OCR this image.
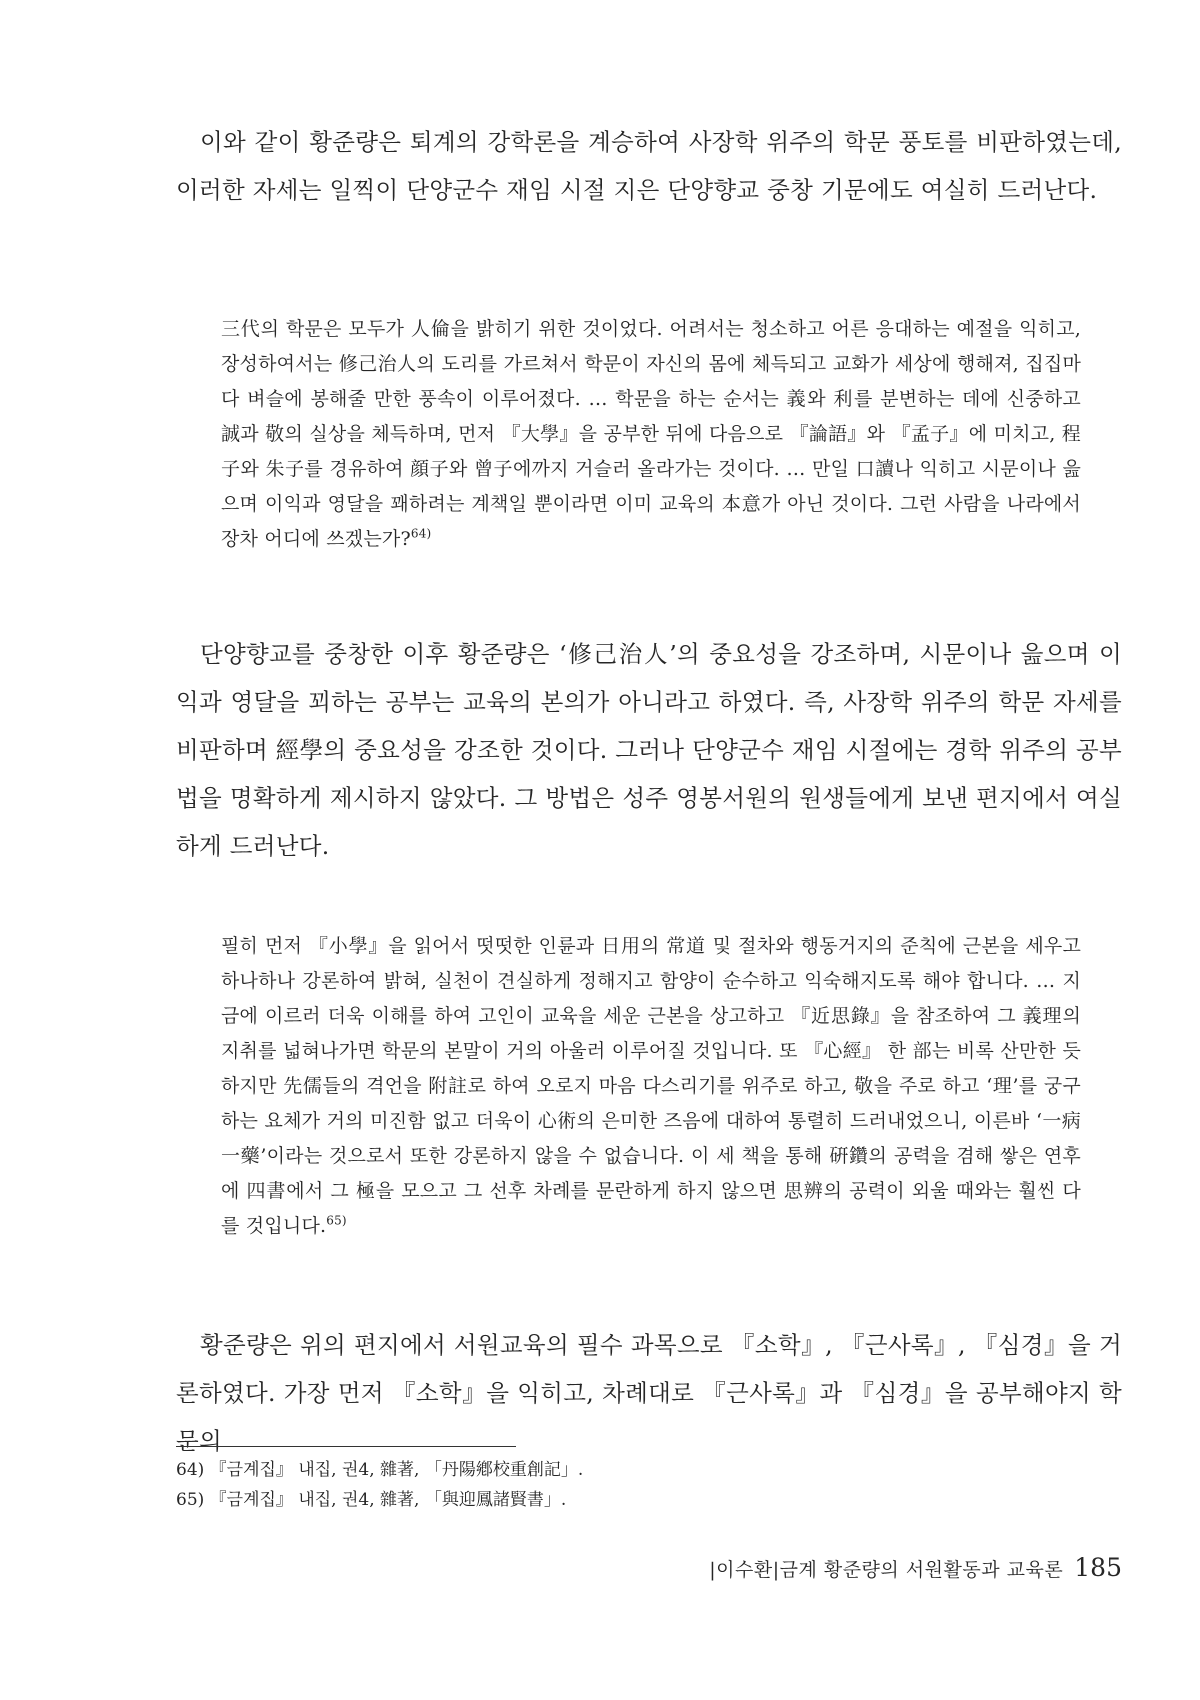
이와 같이 황준량은 퇴계의 강학론을 계승하여 사장학 위주의 학문 풍토를 비판하였는데, 이러한 자세는 일찍이 단양군수 재임 시절 지은 단양향교 중창 기문에도 여실히 드러난다.

三代의 학문은 모두가 人倫을 밝히기 위한 것이었다. 어려서는 청소하고 어른 응대하는 예절을 익히고, 장성하여서는 修己治人의 도리를 가르쳐서 학문이 자신의 몸에 체득되고 교화가 세상에 행해져, 집집마다 벼슬에 봉해줄 만한 풍속이 이루어졌다. … 학문을 하는 순서는 義와 利를 분변하는 데에 신중하고 誠과 敬의 실상을 체득하며, 먼저 『大學』을 공부한 뒤에 다음으로 『論語』와 『孟子』에 미치고, 程子와 朱子를 경유하여 顔子와 曾子에까지 거슬러 올라가는 것이다. … 만일 口讀나 익히고 시문이나 읊으며 이익과 영달을 꽤하려는 계책일 뿐이라면 이미 교육의 本意가 아닌 것이다. 그런 사람을 나라에서 장차 어디에 쓰겠는가?$^{64)}$

단양향교를 중창한 이후 황준량은 ‘修己治人’의 중요성을 강조하며, 시문이나 읊으며 이익과 영달을 꾀하는 공부는 교육의 본의가 아니라고 하였다. 즉, 사장학 위주의 학문 자세를 비판하며 經學의 중요성을 강조한 것이다. 그러나 단양군수 재임 시절에는 경학 위주의 공부법을 명확하게 제시하지 않았다. 그 방법은 성주 영봉서원의 원생들에게 보낸 편지에서 여실하게 드러난다.

필히 먼저 『小學』을 읽어서 떳떳한 인륜과 日用의 常道 및 절차와 행동거지의 준칙에 근본을 세우고 하나하나 강론하여 밝혀, 실천이 견실하게 정해지고 함양이 순수하고 익숙해지도록 해야 합니다. … 지금에 이르러 더욱 이해를 하여 고인이 교육을 세운 근본을 상고하고 『近思錄』을 참조하여 그 義理의 지취를 넓혀나가면 학문의 본말이 거의 아울러 이루어질 것입니다. 또 『心經』 한 部는 비록 산만한 듯하지만 先儒들의 격언을 附註로 하여 오로지 마음 다스리기를 위주로 하고, 敬을 주로 하고 ‘理’를 궁구하는 요체가 거의 미진함 없고 더욱이 心術의 은미한 즈음에 대하여 통렬히 드러내었으니, 이른바 ‘一病一藥’이라는 것으로서 또한 강론하지 않을 수 없습니다. 이 세 책을 통해 硏鑽의 공력을 겸해 쌓은 연후에 四書에서 그 極을 모으고 그 선후 차례를 문란하게 하지 않으면 思辨의 공력이 외울 때와는 훨씬 다를 것입니다.$^{65)}$

황준량은 위의 편지에서 서원교육의 필수 과목으로 『소학』, 『근사록』, 『심경』을 거론하였다. 가장 먼저 『소학』을 익히고, 차례대로 『근사록』과 『심경』을 공부해야지 학문의

64) 『금계집』 내집, 권4, 雜著, 「丹陽鄕校重創記」.
65) 『금계집』 내집, 권4, 雜著, 「與迎鳳諸賢書」.
|이수환|금계 황준량의 서원활동과 교육론 185
